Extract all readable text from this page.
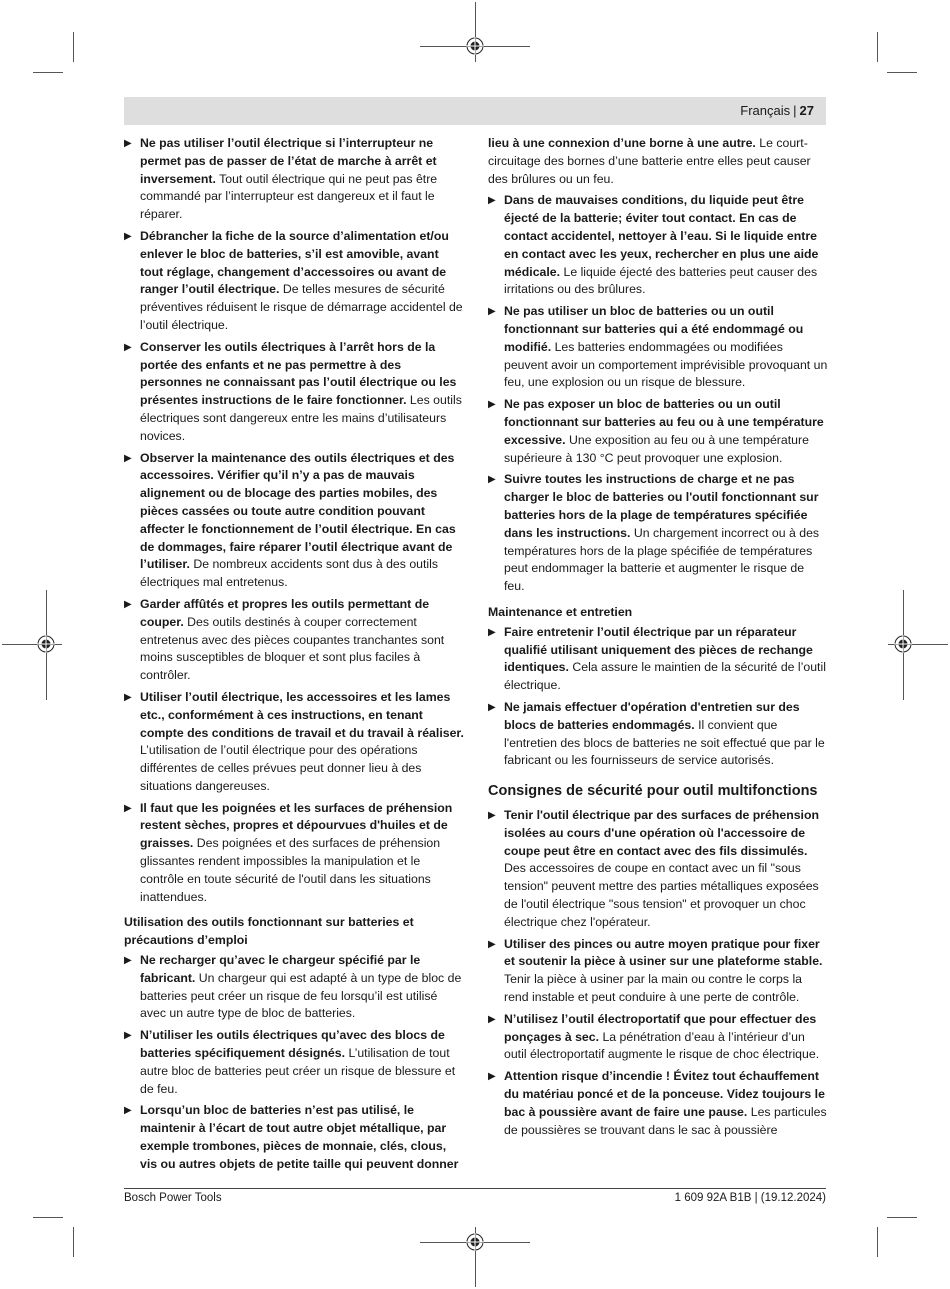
Français | 27
▶ Ne pas utiliser l’outil électrique si l’interrupteur ne permet pas de passer de l’état de marche à arrêt et inversement. Tout outil électrique qui ne peut pas être commandé par l’interrupteur est dangereux et il faut le réparer.
▶ Débrancher la fiche de la source d’alimentation et/ou enlever le bloc de batteries, s’il est amovible, avant tout réglage, changement d’accessoires ou avant de ranger l’outil électrique. De telles mesures de sécurité préventives réduisent le risque de démarrage accidentel de l’outil électrique.
▶ Conserver les outils électriques à l’arrêt hors de la portée des enfants et ne pas permettre à des personnes ne connaissant pas l’outil électrique ou les présentes instructions de le faire fonctionner. Les outils électriques sont dangereux entre les mains d’utilisateurs novices.
▶ Observer la maintenance des outils électriques et des accessoires. Vérifier qu’il n’y a pas de mauvais alignement ou de blocage des parties mobiles, des pièces cassées ou toute autre condition pouvant affecter le fonctionnement de l’outil électrique. En cas de dommages, faire réparer l’outil électrique avant de l’utiliser. De nombreux accidents sont dus à des outils électriques mal entretenus.
▶ Garder affûtés et propres les outils permettant de couper. Des outils destinés à couper correctement entretenus avec des pièces coupantes tranchantes sont moins susceptibles de bloquer et sont plus faciles à contrôler.
▶ Utiliser l’outil électrique, les accessoires et les lames etc., conformément à ces instructions, en tenant compte des conditions de travail et du travail à réaliser. L’utilisation de l’outil électrique pour des opérations différentes de celles prévues peut donner lieu à des situations dangereuses.
▶ Il faut que les poignées et les surfaces de préhension restent sèches, propres et dépourvues d'huiles et de graisses. Des poignées et des surfaces de préhension glissantes rendent impossibles la manipulation et le contrôle en toute sécurité de l'outil dans les situations inattendues.
Utilisation des outils fonctionnant sur batteries et précautions d’emploi
▶ Ne recharger qu’avec le chargeur spécifié par le fabricant. Un chargeur qui est adapté à un type de bloc de batteries peut créer un risque de feu lorsqu’il est utilisé avec un autre type de bloc de batteries.
▶ N’utiliser les outils électriques qu’avec des blocs de batteries spécifiquement désignés. L’utilisation de tout autre bloc de batteries peut créer un risque de blessure et de feu.
▶ Lorsqu’un bloc de batteries n’est pas utilisé, le maintenir à l’écart de tout autre objet métallique, par exemple trombones, pièces de monnaie, clés, clous, vis ou autres objets de petite taille qui peuvent donner
lieu à une connexion d’une borne à une autre. Le court-circuitage des bornes d’une batterie entre elles peut causer des brûlures ou un feu.
▶ Dans de mauvaises conditions, du liquide peut être éjecté de la batterie; éviter tout contact. En cas de contact accidentel, nettoyer à l’eau. Si le liquide entre en contact avec les yeux, rechercher en plus une aide médicale. Le liquide éjecté des batteries peut causer des irritations ou des brûlures.
▶ Ne pas utiliser un bloc de batteries ou un outil fonctionnant sur batteries qui a été endommagé ou modifié. Les batteries endommagées ou modifiées peuvent avoir un comportement imprévisible provoquant un feu, une explosion ou un risque de blessure.
▶ Ne pas exposer un bloc de batteries ou un outil fonctionnant sur batteries au feu ou à une température excessive. Une exposition au feu ou à une température supérieure à 130 °C peut provoquer une explosion.
▶ Suivre toutes les instructions de charge et ne pas charger le bloc de batteries ou l'outil fonctionnant sur batteries hors de la plage de températures spécifiée dans les instructions. Un chargement incorrect ou à des températures hors de la plage spécifiée de températures peut endommager la batterie et augmenter le risque de feu.
Maintenance et entretien
▶ Faire entretenir l’outil électrique par un réparateur qualifié utilisant uniquement des pièces de rechange identiques. Cela assure le maintien de la sécurité de l’outil électrique.
▶ Ne jamais effectuer d'opération d'entretien sur des blocs de batteries endommagés. Il convient que l'entretien des blocs de batteries ne soit effectué que par le fabricant ou les fournisseurs de service autorisés.
Consignes de sécurité pour outil multifonctions
▶ Tenir l'outil électrique par des surfaces de préhension isolées au cours d'une opération où l'accessoire de coupe peut être en contact avec des fils dissimulés. Des accessoires de coupe en contact avec un fil "sous tension" peuvent mettre des parties métalliques exposées de l'outil électrique "sous tension" et provoquer un choc électrique chez l'opérateur.
▶ Utiliser des pinces ou autre moyen pratique pour fixer et soutenir la pièce à usiner sur une plateforme stable. Tenir la pièce à usiner par la main ou contre le corps la rend instable et peut conduire à une perte de contrôle.
▶ N’utilisez l’outil électroportatif que pour effectuer des ponçages à sec. La pénétration d’eau à l’intérieur d’un outil électroportatif augmente le risque de choc électrique.
▶ Attention risque d’incendie ! Évitez tout échauffement du matériau poncé et de la ponceuse. Videz toujours le bac à poussière avant de faire une pause. Les particules de poussières se trouvant dans le sac à poussière
Bosch Power Tools	1 609 92A B1B | (19.12.2024)
